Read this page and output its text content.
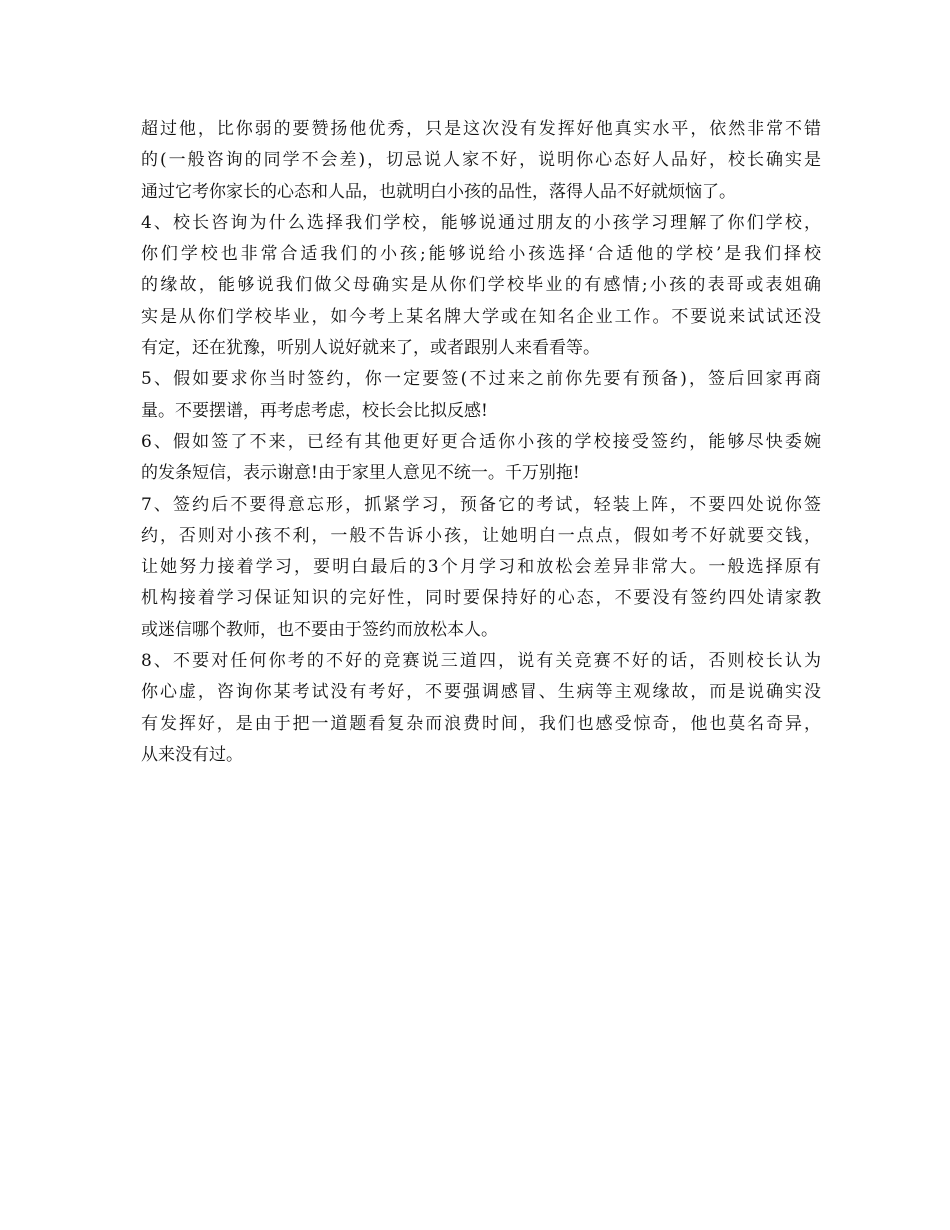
超过他，比你弱的要赞扬他优秀，只是这次没有发挥好他真实水平，依然非常不错
的(一般咨询的同学不会差)，切忌说人家不好，说明你心态好人品好，校长确实是
通过它考你家长的心态和人品，也就明白小孩的品性，落得人品不好就烦恼了。
4、校长咨询为什么选择我们学校，能够说通过朋友的小孩学习理解了你们学校，
你们学校也非常合适我们的小孩;能够说给小孩选择‘合适他的学校’是我们择校
的缘故，能够说我们做父母确实是从你们学校毕业的有感情;小孩的表哥或表姐确
实是从你们学校毕业，如今考上某名牌大学或在知名企业工作。不要说来试试还没
有定，还在犹豫，听别人说好就来了，或者跟别人来看看等。
5、假如要求你当时签约，你一定要签(不过来之前你先要有预备)，签后回家再商
量。不要摆谱，再考虑考虑，校长会比拟反感!
6、假如签了不来，已经有其他更好更合适你小孩的学校接受签约，能够尽快委婉
的发条短信，表示谢意!由于家里人意见不统一。千万别拖!
7、签约后不要得意忘形，抓紧学习，预备它的考试，轻装上阵，不要四处说你签
约，否则对小孩不利，一般不告诉小孩，让她明白一点点，假如考不好就要交钱，
让她努力接着学习，要明白最后的3个月学习和放松会差异非常大。一般选择原有
机构接着学习保证知识的完好性，同时要保持好的心态，不要没有签约四处请家教
或迷信哪个教师，也不要由于签约而放松本人。
8、不要对任何你考的不好的竞赛说三道四，说有关竞赛不好的话，否则校长认为
你心虚，咨询你某考试没有考好，不要强调感冒、生病等主观缘故，而是说确实没
有发挥好，是由于把一道题看复杂而浪费时间，我们也感受惊奇，他也莫名奇异，
从来没有过。
